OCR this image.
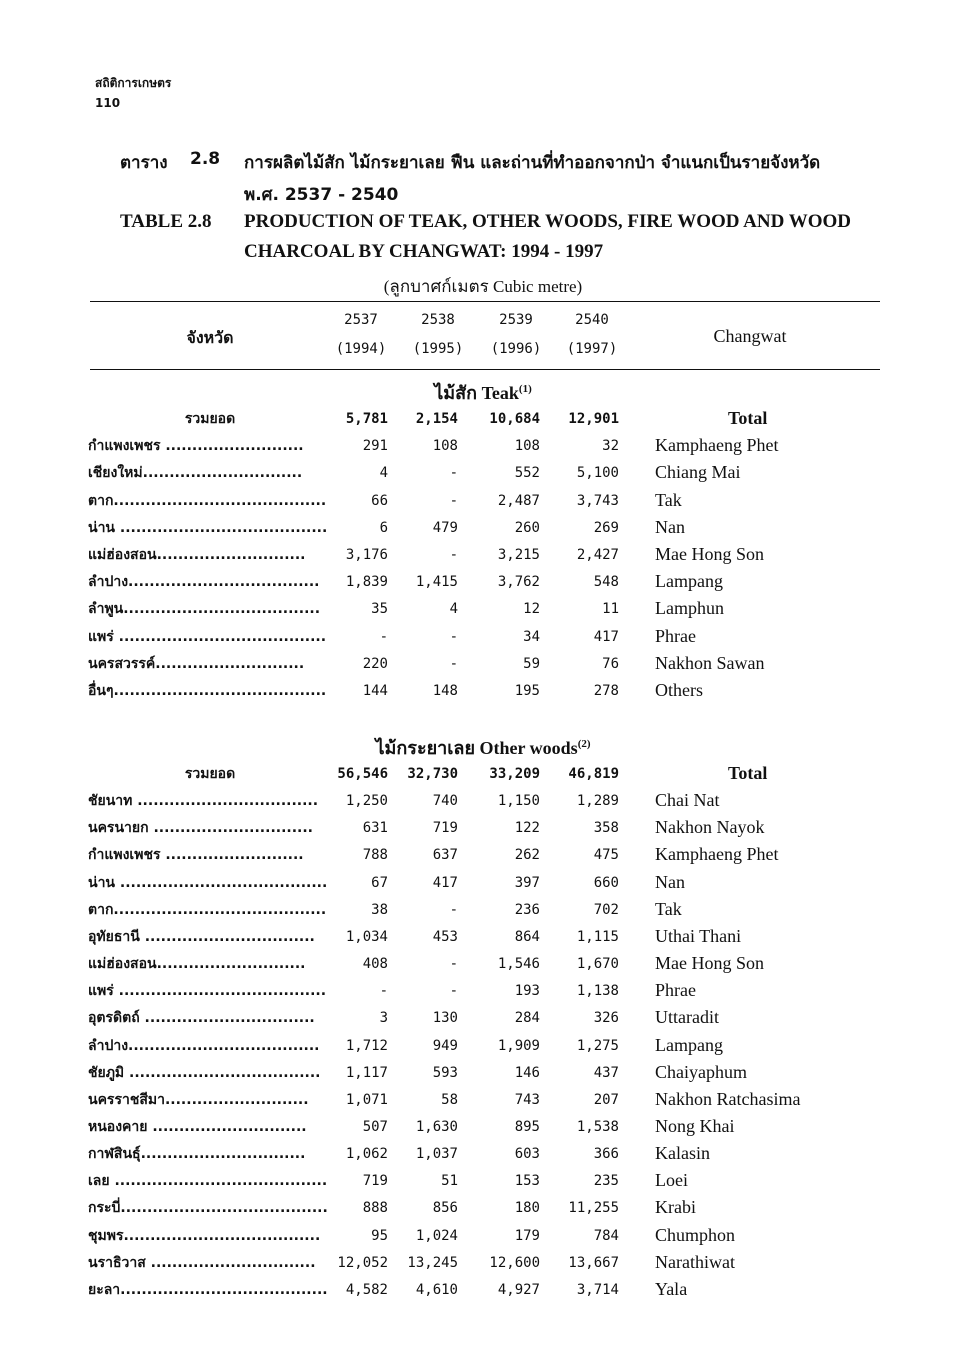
สถิติการเกษตร
110
ตาราง 2.8 การผลิตไม้สัก ไม้กระยาเลย ฟืน และถ่านที่ทำออกจากป่า จำแนกเป็นรายจังหวัด
พ.ศ. 2537 - 2540
TABLE 2.8 PRODUCTION OF TEAK, OTHER WOODS, FIRE WOOD AND WOOD
CHARCOAL BY CHANGWAT: 1994 - 1997
(ลูกบาศก์เมตร Cubic metre)
จังหวัด
2537	2538	2539	2540
(1994)	(1995)	(1996)	(1997)
Changwat
ไม้สัก Teak$^{(1)}$
รวมยอด	5,781	2,154	10,684	12,901	Total
กำแพงเพชร ..........................	291	108	108	32 Kamphaeng Phet
เชียงใหม่..............................	4	-	552	5,100 Chiang Mai
ตาก........................................	66	-	2,487	3,743 Tak
น่าน .......................................	6	479	260	269 Nan
แม่ฮ่องสอน............................	3,176	-	3,215	2,427 Mae Hong Son
ลำปาง....................................	1,839	1,415	3,762	548 Lampang
ลำพูน.....................................	35	4	12	11 Lamphun
แพร่ .......................................	-	-	34	417 Phrae
นครสวรรค์............................	220	-	59	76 Nakhon Sawan
อื่นๆ........................................	144	148	195	278 Others
ไม้กระยาเลย Other woods$^{(2)}$
รวมยอด	56,546	32,730	33,209	46,819	Total
ชัยนาท ..................................	1,250	740	1,150	1,289 Chai Nat
นครนายก ..............................	631	719	122	358 Nakhon Nayok
กำแพงเพชร ..........................	788	637	262	475 Kamphaeng Phet
น่าน .......................................	67	417	397	660 Nan
ตาก........................................	38	-	236	702 Tak
อุทัยธานี ................................	1,034	453	864	1,115 Uthai Thani
แม่ฮ่องสอน............................	408	-	1,546	1,670 Mae Hong Son
แพร่ .......................................	-	-	193	1,138 Phrae
อุตรดิตถ์ ................................	3	130	284	326 Uttaradit
ลำปาง....................................	1,712	949	1,909	1,275 Lampang
ชัยภูมิ ....................................	1,117	593	146	437 Chaiyaphum
นครราชสีมา...........................	1,071	58	743	207 Nakhon Ratchasima
หนองคาย .............................	507	1,630	895	1,538 Nong Khai
กาฬสินธุ์...............................	1,062	1,037	603	366 Kalasin
เลย ........................................	719	51	153	235 Loei
กระบี่.......................................	888	856	180	11,255 Krabi
ชุมพร.....................................	95	1,024	179	784 Chumphon
นราธิวาส ...............................	12,052	13,245	12,600	13,667 Narathiwat
ยะลา.......................................	4,582	4,610	4,927	3,714 Yala
